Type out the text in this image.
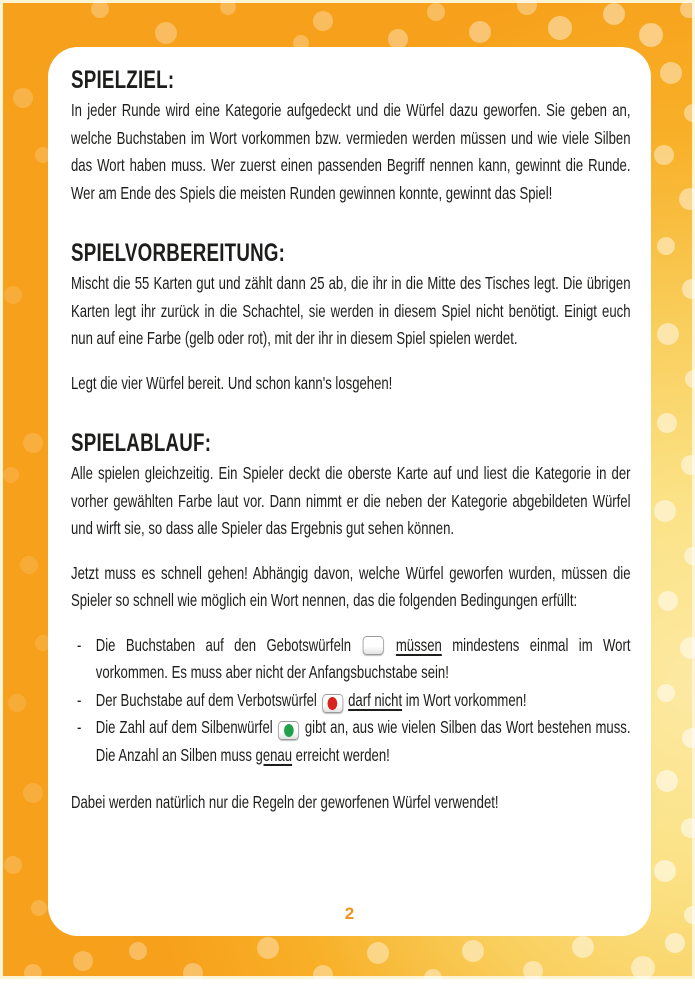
SPIELZIEL:

In jeder Runde wird eine Kategorie aufgedeckt und die Würfel dazu geworfen. Sie geben an, welche Buchstaben im Wort vorkommen bzw. vermieden werden müssen und wie viele Silben das Wort haben muss. Wer zuerst einen passenden Begriff nennen kann, gewinnt die Runde. Wer am Ende des Spiels die meisten Runden gewinnen konnte, gewinnt das Spiel!

SPIELVORBEREITUNG:

Mischt die 55 Karten gut und zählt dann 25 ab, die ihr in die Mitte des Tisches legt. Die übrigen Karten legt ihr zurück in die Schachtel, sie werden in diesem Spiel nicht benötigt. Einigt euch nun auf eine Farbe (gelb oder rot), mit der ihr in diesem Spiel spielen werdet.

Legt die vier Würfel bereit. Und schon kann's losgehen!

SPIELABLAUF:

Alle spielen gleichzeitig. Ein Spieler deckt die oberste Karte auf und liest die Kategorie in der vorher gewählten Farbe laut vor. Dann nimmt er die neben der Kategorie abgebildeten Würfel und wirft sie, so dass alle Spieler das Ergebnis gut sehen können.

Jetzt muss es schnell gehen! Abhängig davon, welche Würfel geworfen wurden, müssen die Spieler so schnell wie möglich ein Wort nennen, das die folgenden Bedingungen erfüllt:

- Die Buchstaben auf den Gebotswürfeln  müssen mindestens einmal im Wort vorkommen. Es muss aber nicht der Anfangsbuchstabe sein!
- Der Buchstabe auf dem Verbotswürfel
darf nicht im Wort vorkommen!
- Die Zahl auf dem Silbenwürfel
gibt an, aus wie vielen Silben das Wort bestehen muss. Die Anzahl an Silben muss genau erreicht werden!

Dabei werden natürlich nur die Regeln der geworfenen Würfel verwendet!

2
